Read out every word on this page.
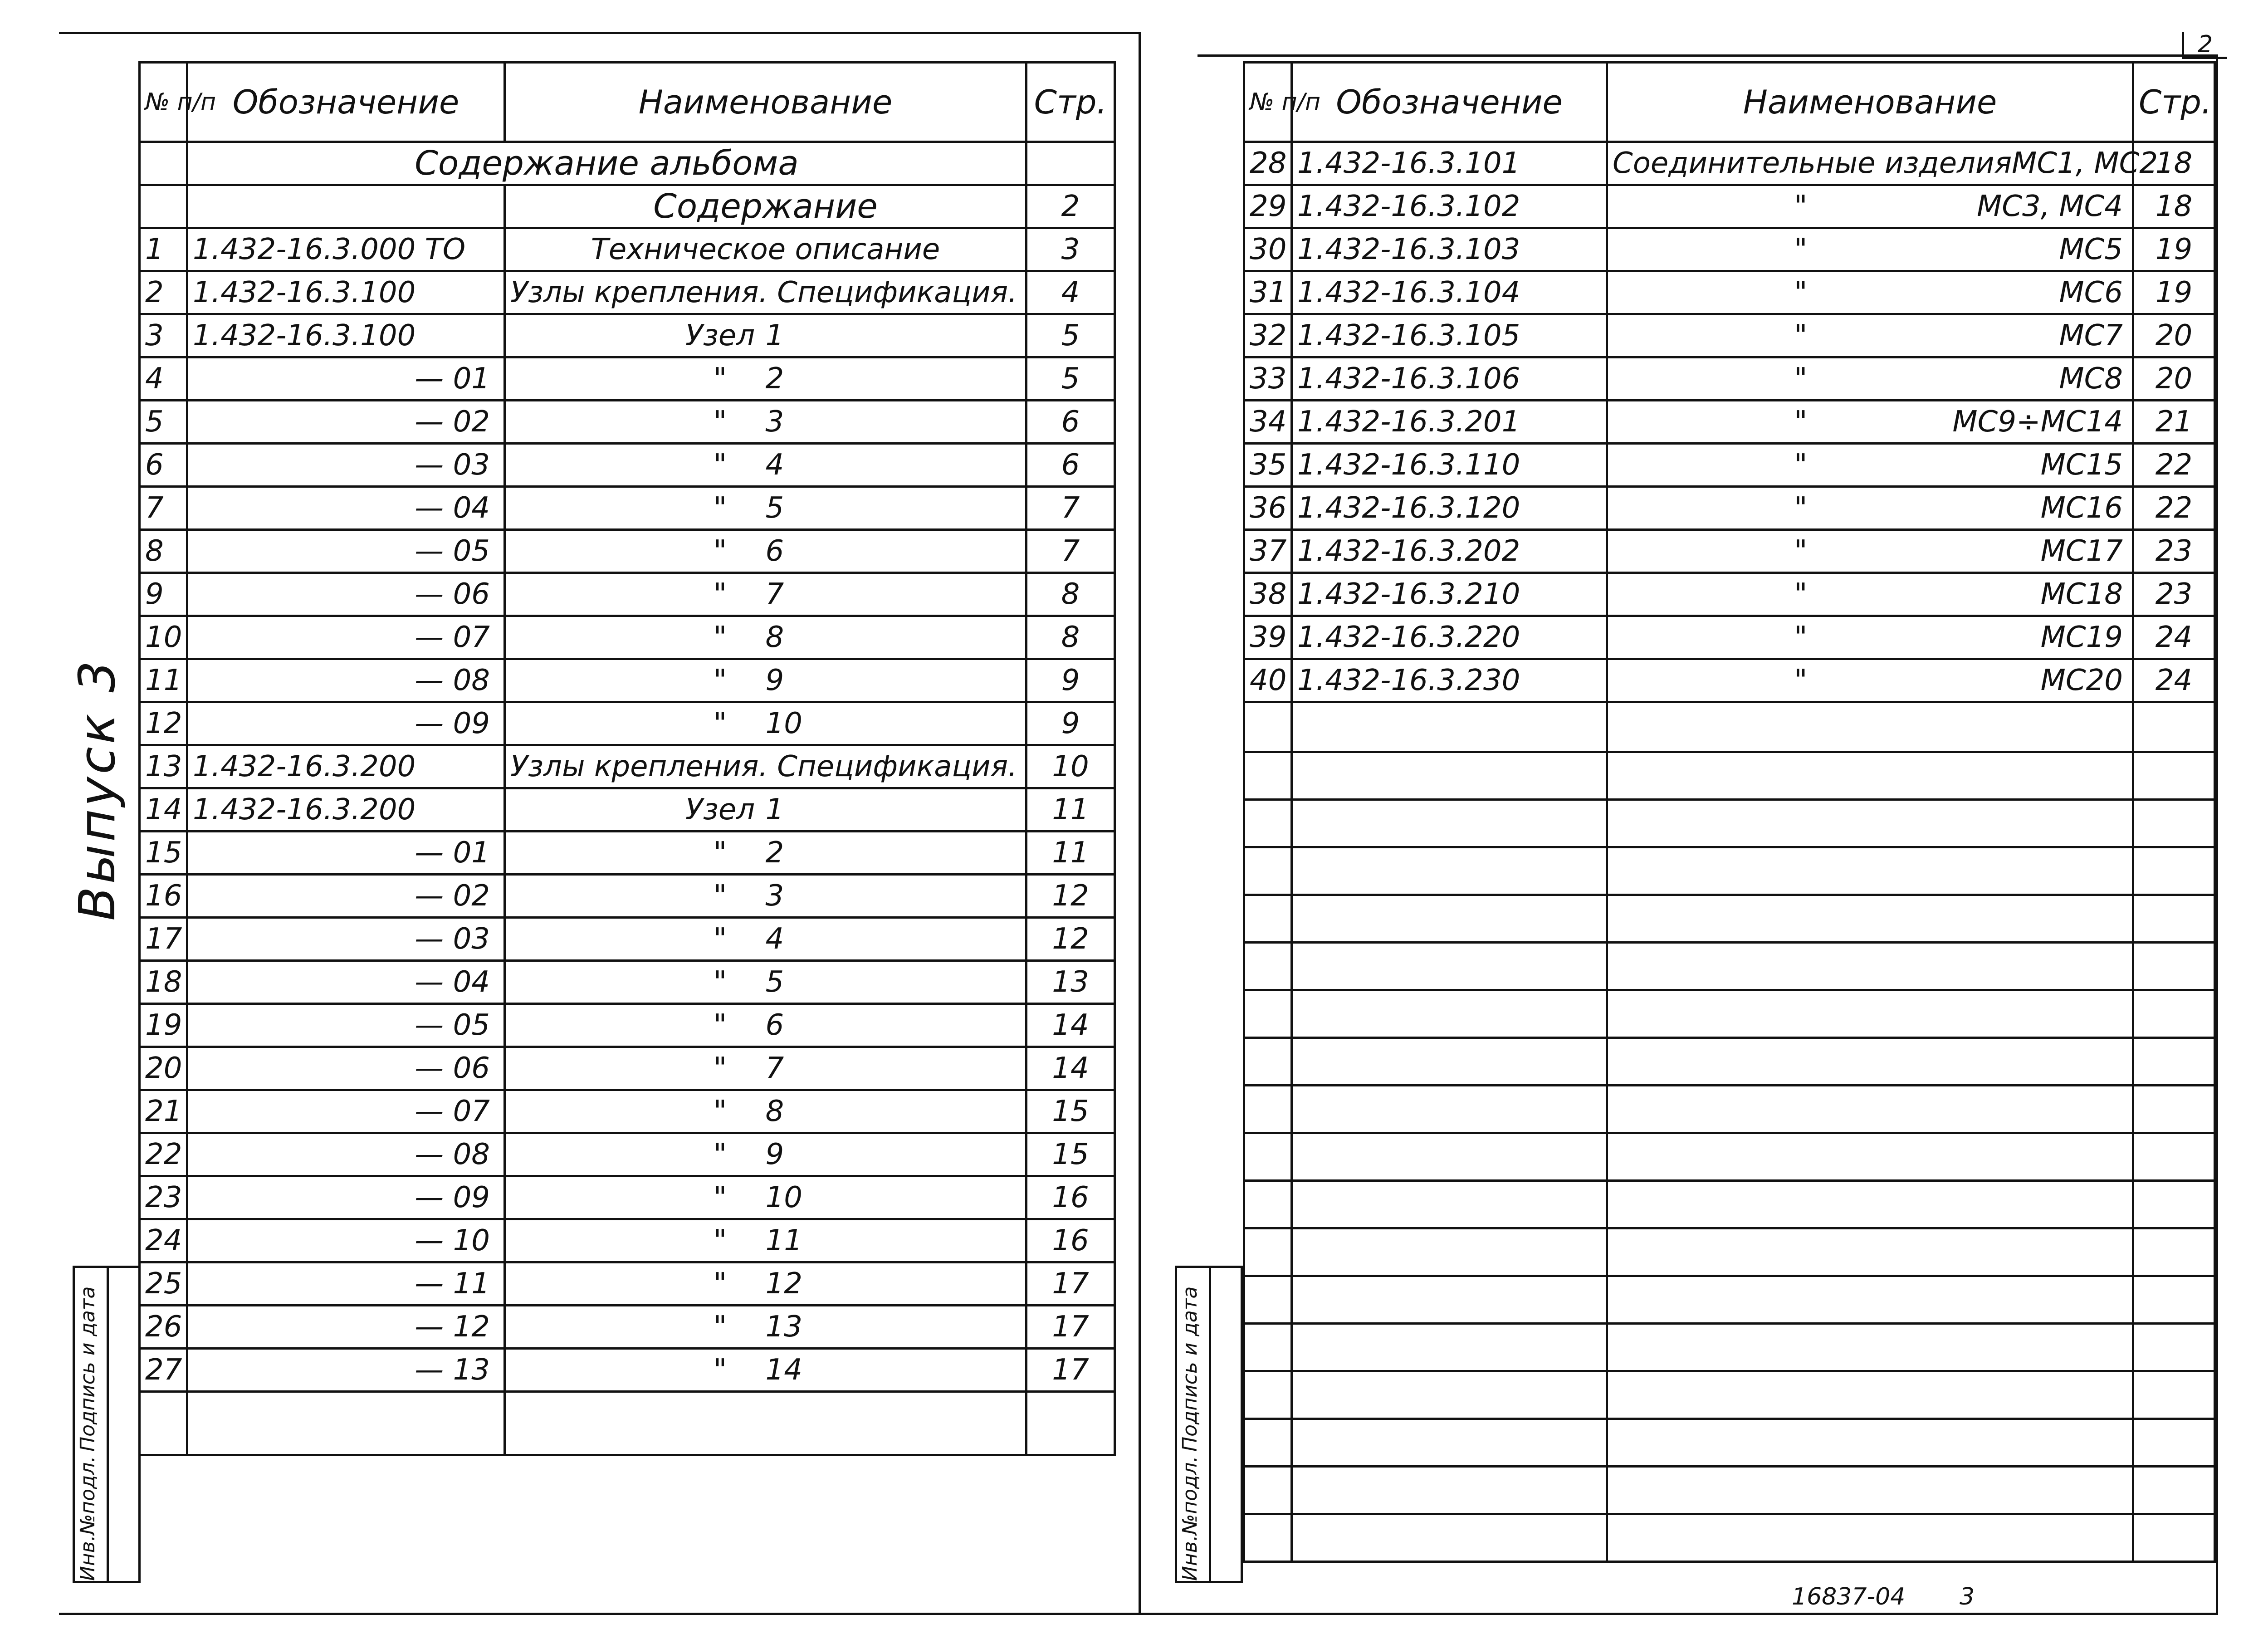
2
Выпуск 3
Инв.№подл.
Подпись и дата
Инв.№подл.
Подпись и дата
№ п/п	Обозначение	Наименование	Стр.
	Содержание альбома		
		Содержание	2
1	1.432-16.3.000 ТО	Техническое описание	3
2	1.432-16.3.100	Узлы крепления. Спецификация.	4
3	1.432-16.3.100	Узел 1	5
4	— 01	" 2	5
5	— 02	" 3	6
6	— 03	" 4	6
7	— 04	" 5	7
8	— 05	" 6	7
9	— 06	" 7	8
10	— 07	" 8	8
11	— 08	" 9	9
12	— 09	" 10	9
13	1.432-16.3.200	Узлы крепления. Спецификация.	10
14	1.432-16.3.200	Узел 1	11
15	— 01	" 2	11
16	— 02	" 3	12
17	— 03	" 4	12
18	— 04	" 5	13
19	— 05	" 6	14
20	— 06	" 7	14
21	— 07	" 8	15
22	— 08	" 9	15
23	— 09	" 10	16
24	— 10	" 11	16
25	— 11	" 12	17
26	— 12	" 13	17
27	— 13	" 14	17

№ п/п	Обозначение	Наименование	Стр.
28	1.432-16.3.101	Соединительные изделия МС1, МС2	18
29	1.432-16.3.102	" МС3, МС4	18
30	1.432-16.3.103	" МС5	19
31	1.432-16.3.104	" МС6	19
32	1.432-16.3.105	" МС7	20
33	1.432-16.3.106	" МС8	20
34	1.432-16.3.201	" МС9÷МС14	21
35	1.432-16.3.110	" МС15	22
36	1.432-16.3.120	" МС16	22
37	1.432-16.3.202	" МС17	23
38	1.432-16.3.210	" МС18	23
39	1.432-16.3.220	" МС19	24
40	1.432-16.3.230	" МС20	24

16837-04 3
